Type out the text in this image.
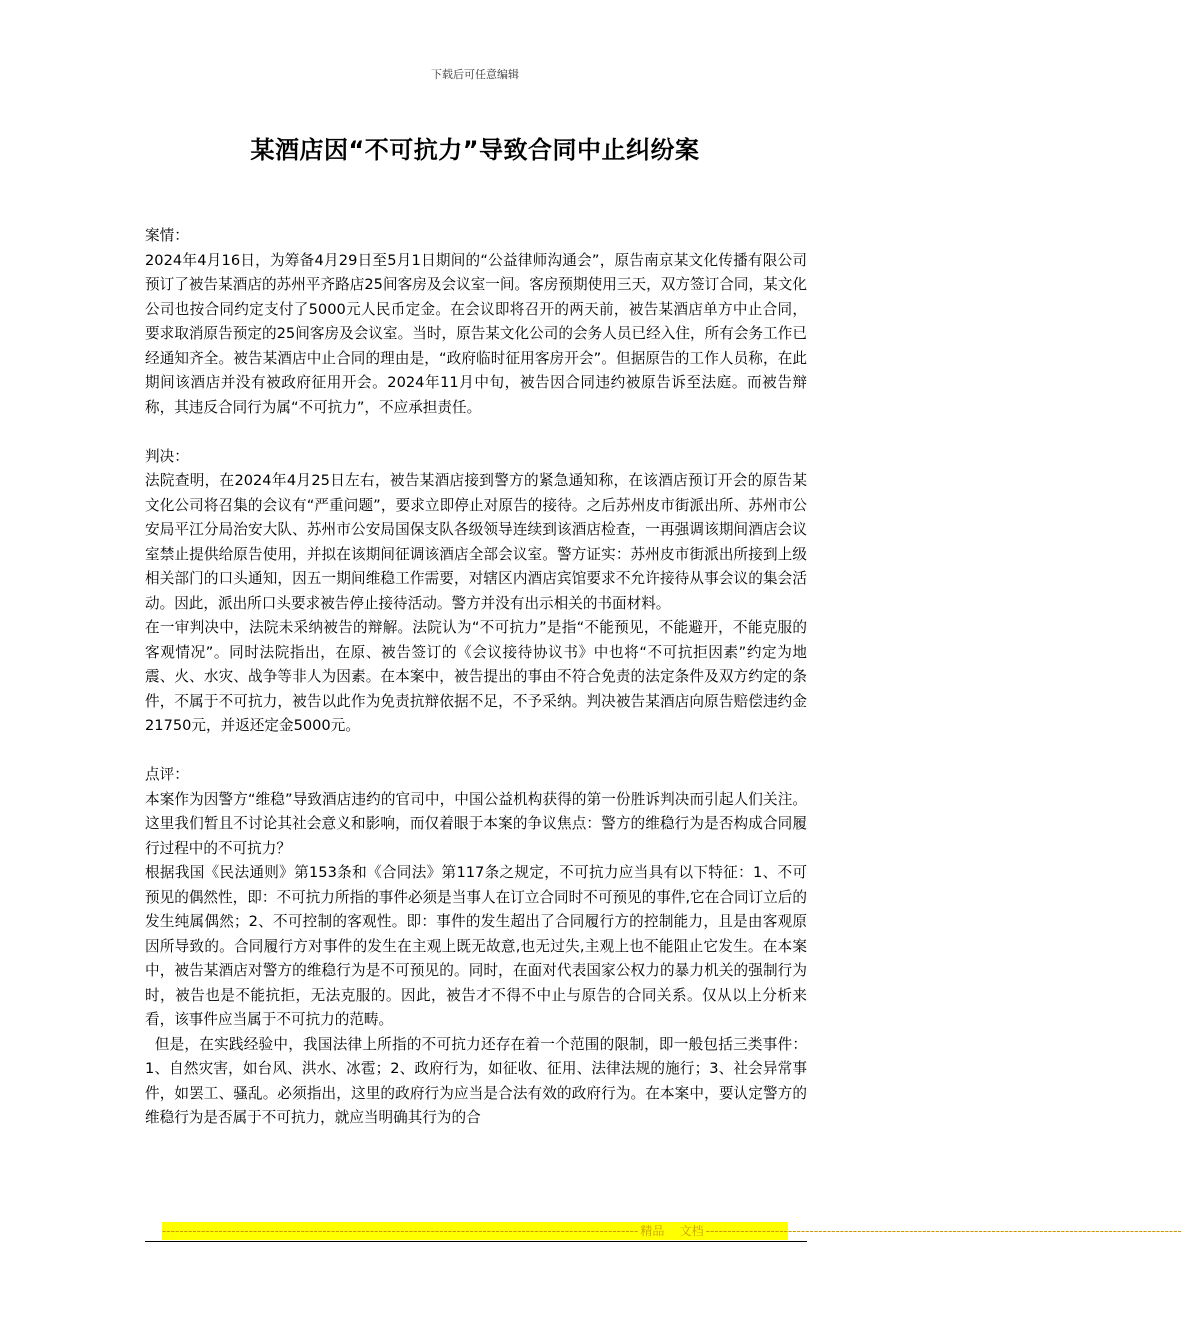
下载后可任意编辑
某酒店因“不可抗力”导致合同中止纠纷案

案情：

2024年4月16日，为筹备4月29日至5月1日期间的“公益律师沟通会”，原告南京某文化传播有限公司预订了被告某酒店的苏州平齐路店25间客房及会议室一间。客房预期使用三天，双方签订合同，某文化公司也按合同约定支付了5000元人民币定金。在会议即将召开的两天前，被告某酒店单方中止合同，要求取消原告预定的25间客房及会议室。当时，原告某文化公司的会务人员已经入住，所有会务工作已经通知齐全。被告某酒店中止合同的理由是，“政府临时征用客房开会”。但据原告的工作人员称，在此期间该酒店并没有被政府征用开会。2024年11月中旬，被告因合同违约被原告诉至法庭。而被告辩称，其违反合同行为属“不可抗力”，不应承担责任。

判决：

法院查明，在2024年4月25日左右，被告某酒店接到警方的紧急通知称，在该酒店预订开会的原告某文化公司将召集的会议有“严重问题”，要求立即停止对原告的接待。之后苏州皮市街派出所、苏州市公安局平江分局治安大队、苏州市公安局国保支队各级领导连续到该酒店检查，一再强调该期间酒店会议室禁止提供给原告使用，并拟在该期间征调该酒店全部会议室。警方证实：苏州皮市街派出所接到上级相关部门的口头通知，因五一期间维稳工作需要，对辖区内酒店宾馆要求不允许接待从事会议的集会活动。因此，派出所口头要求被告停止接待活动。警方并没有出示相关的书面材料。

在一审判决中，法院未采纳被告的辩解。法院认为“不可抗力”是指“不能预见，不能避开，不能克服的客观情况”。同时法院指出，在原、被告签订的《会议接待协议书》中也将“不可抗拒因素”约定为地震、火、水灾、战争等非人为因素。在本案中，被告提出的事由不符合免责的法定条件及双方约定的条件，不属于不可抗力，被告以此作为免责抗辩依据不足，不予采纳。判决被告某酒店向原告赔偿违约金21750元，并返还定金5000元。

点评：

本案作为因警方“维稳”导致酒店违约的官司中，中国公益机构获得的第一份胜诉判决而引起人们关注。这里我们暂且不讨论其社会意义和影响，而仅着眼于本案的争议焦点：警方的维稳行为是否构成合同履行过程中的不可抗力？

根据我国《民法通则》第153条和《合同法》第117条之规定，不可抗力应当具有以下特征：1、不可预见的偶然性，即：不可抗力所指的事件必须是当事人在订立合同时不可预见的事件,它在合同订立后的发生纯属偶然；2、不可控制的客观性。即：事件的发生超出了合同履行方的控制能力，且是由客观原因所导致的。合同履行方对事件的发生在主观上既无故意,也无过失,主观上也不能阻止它发生。在本案中，被告某酒店对警方的维稳行为是不可预见的。同时，在面对代表国家公权力的暴力机关的强制行为时，被告也是不能抗拒，无法克服的。因此，被告才不得不中止与原告的合同关系。仅从以上分析来看，该事件应当属于不可抗力的范畴。

但是，在实践经验中，我国法律上所指的不可抗力还存在着一个范围的限制，即一般包括三类事件：1、自然灾害，如台风、洪水、冰雹；2、政府行为，如征收、征用、法律法规的施行；3、社会异常事件，如罢工、骚乱。必须指出，这里的政府行为应当是合法有效的政府行为。在本案中，要认定警方的维稳行为是否属于不可抗力，就应当明确其行为的合

-------------------------------------------------------------------------------------------------------------- 精品    文档 --------------------------------------------------------------------------------------------------------------
